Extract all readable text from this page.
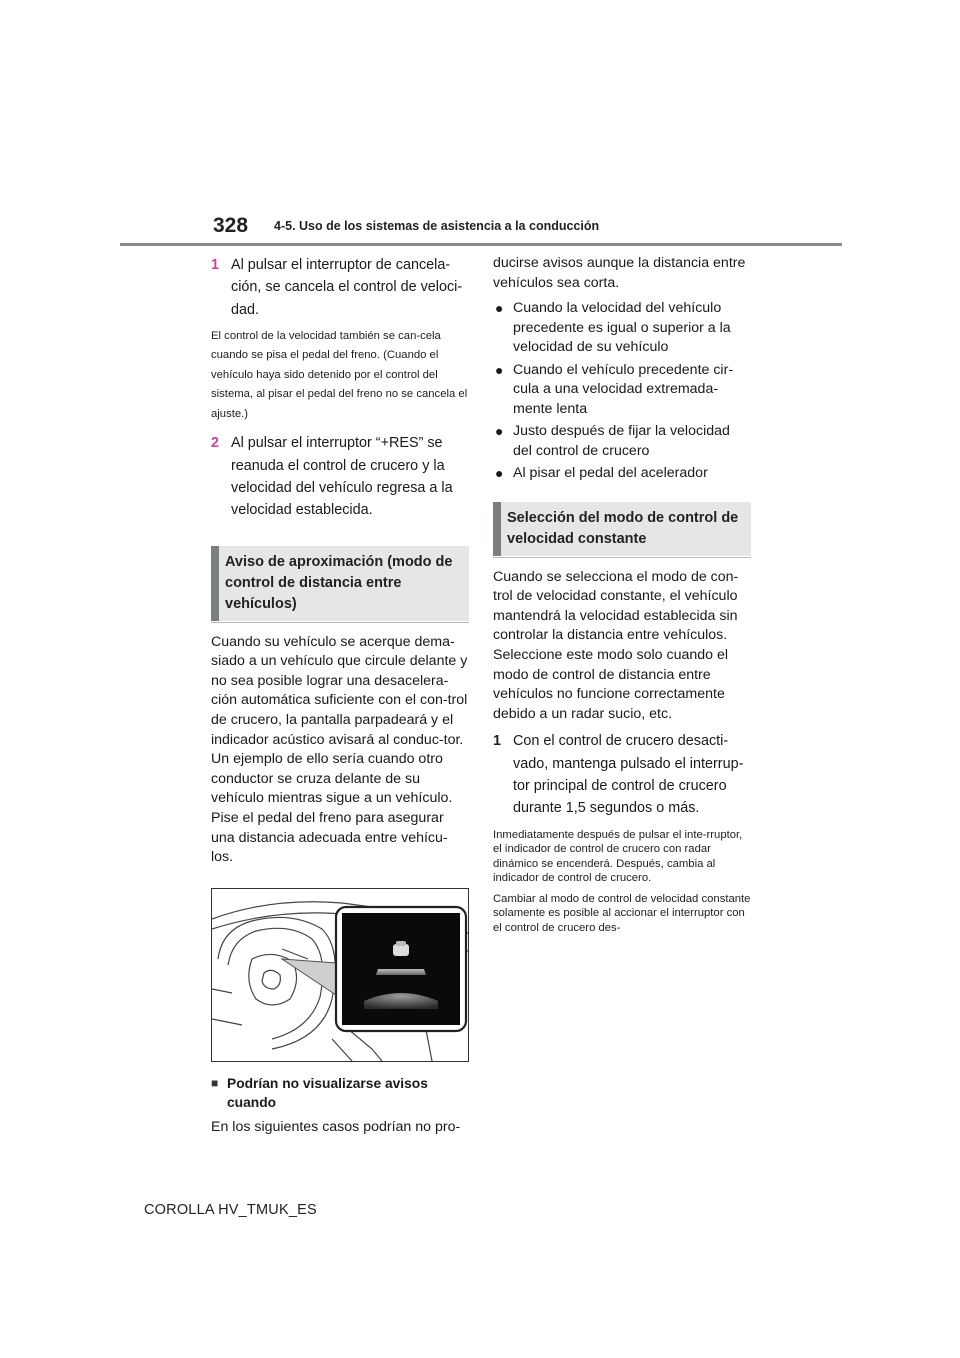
328 4-5. Uso de los sistemas de asistencia a la conducción
1 Al pulsar el interruptor de cancela-ción, se cancela el control de veloci-dad.
El control de la velocidad también se can-cela cuando se pisa el pedal del freno. (Cuando el vehículo haya sido detenido por el control del sistema, al pisar el pedal del freno no se cancela el ajuste.)
2 Al pulsar el interruptor “+RES” se reanuda el control de crucero y la velocidad del vehículo regresa a la velocidad establecida.
Aviso de aproximación (modo de control de distancia entre vehículos)
Cuando su vehículo se acerque dema-siado a un vehículo que circule delante y no sea posible lograr una desacelera-ción automática suficiente con el con-trol de crucero, la pantalla parpadeará y el indicador acústico avisará al conduc-tor. Un ejemplo de ello sería cuando otro conductor se cruza delante de su vehículo mientras sigue a un vehículo. Pise el pedal del freno para asegurar una distancia adecuada entre vehícu-los.
■ Podrían no visualizarse avisos cuando
En los siguientes casos podrían no pro-
ducirse avisos aunque la distancia entre vehículos sea corta.
● Cuando la velocidad del vehículo precedente es igual o superior a la velocidad de su vehículo
● Cuando el vehículo precedente cir-cula a una velocidad extremada-mente lenta
● Justo después de fijar la velocidad del control de crucero
● Al pisar el pedal del acelerador
Selección del modo de control de velocidad constante
Cuando se selecciona el modo de con-trol de velocidad constante, el vehículo mantendrá la velocidad establecida sin controlar la distancia entre vehículos. Seleccione este modo solo cuando el modo de control de distancia entre vehículos no funcione correctamente debido a un radar sucio, etc.
1 Con el control de crucero desacti-vado, mantenga pulsado el interrup-tor principal de control de crucero durante 1,5 segundos o más.
Inmediatamente después de pulsar el inte-rruptor, el indicador de control de crucero con radar dinámico se encenderá. Después, cambia al indicador de control de crucero.
Cambiar al modo de control de velocidad constante solamente es posible al accionar el interruptor con el control de crucero des-
COROLLA HV_TMUK_ES
